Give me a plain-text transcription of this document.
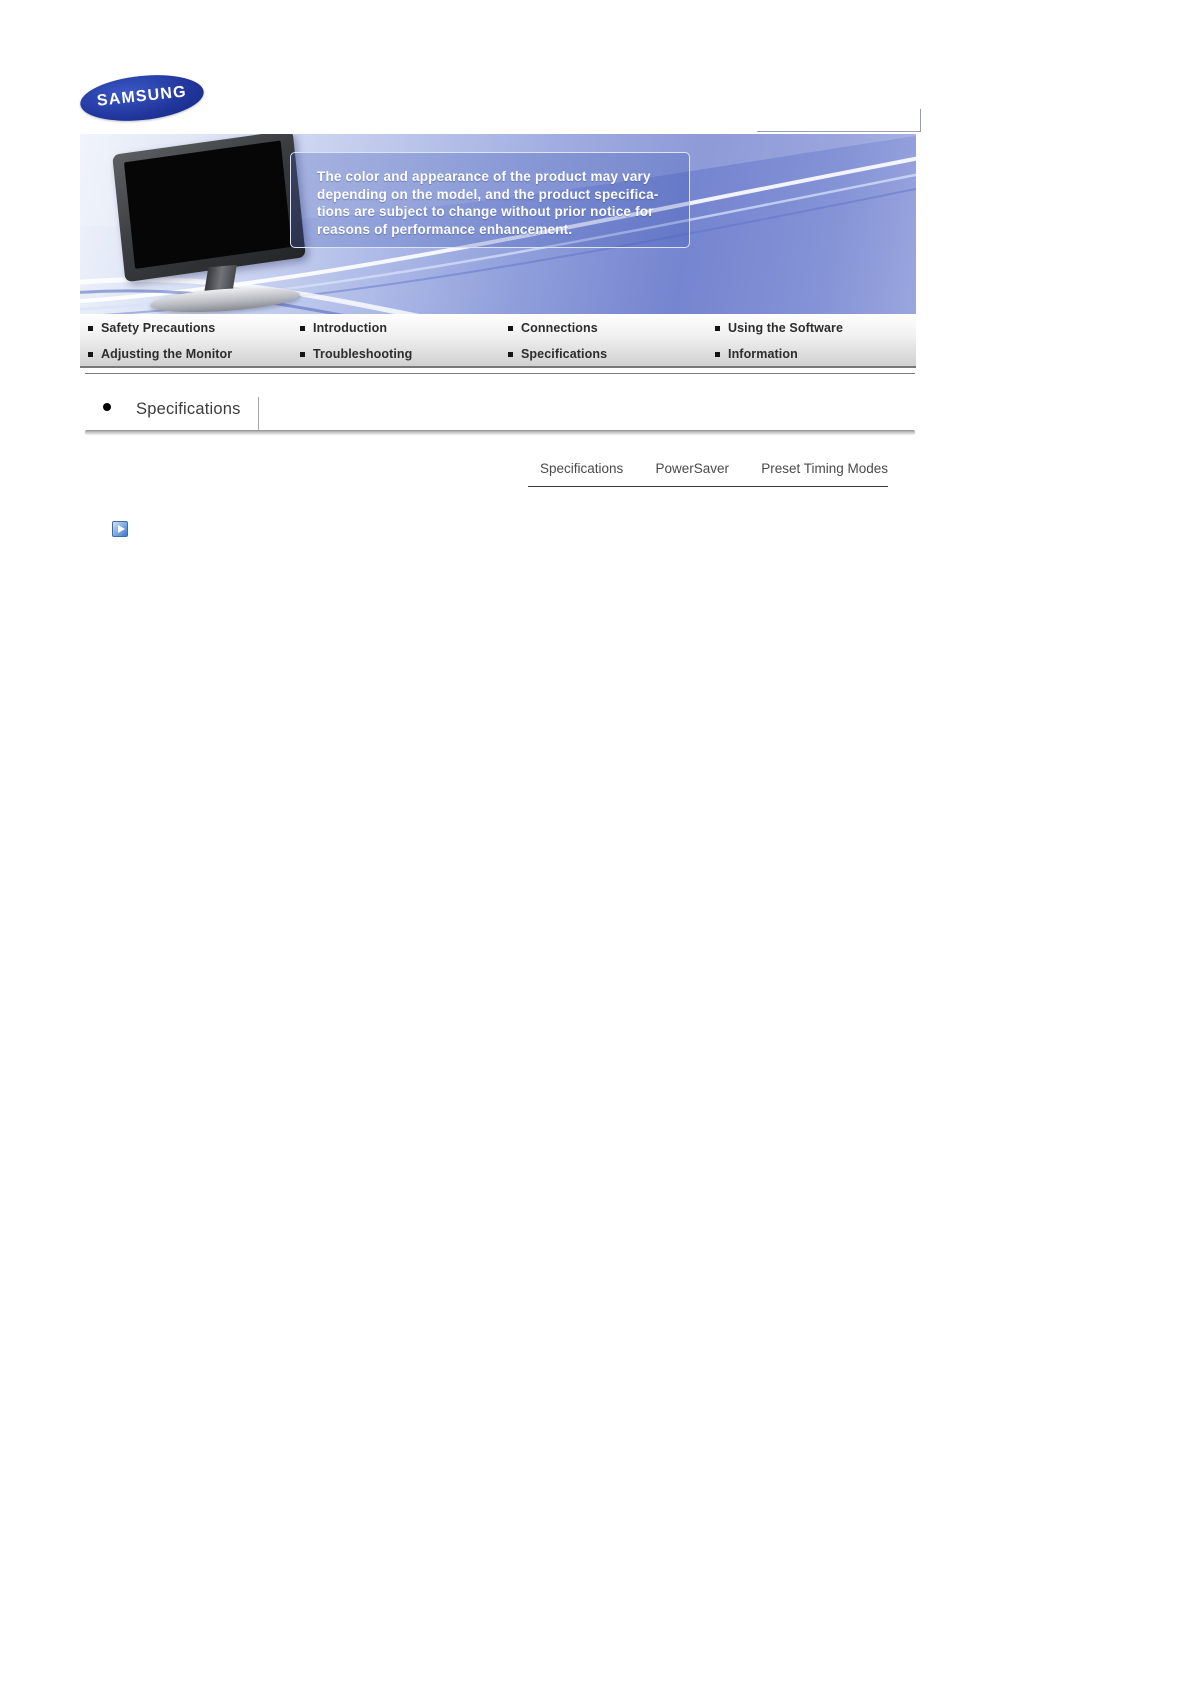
SAMSUNG
The color and appearance of the product may vary
depending on the model, and the product specifica-
tions are subject to change without prior notice for
reasons of performance enhancement.
Safety Precautions	Introduction	Connections	Using the Software
Adjusting the Monitor	Troubleshooting	Specifications	Information
Specifications
Specifications PowerSaver Preset Timing Modes
